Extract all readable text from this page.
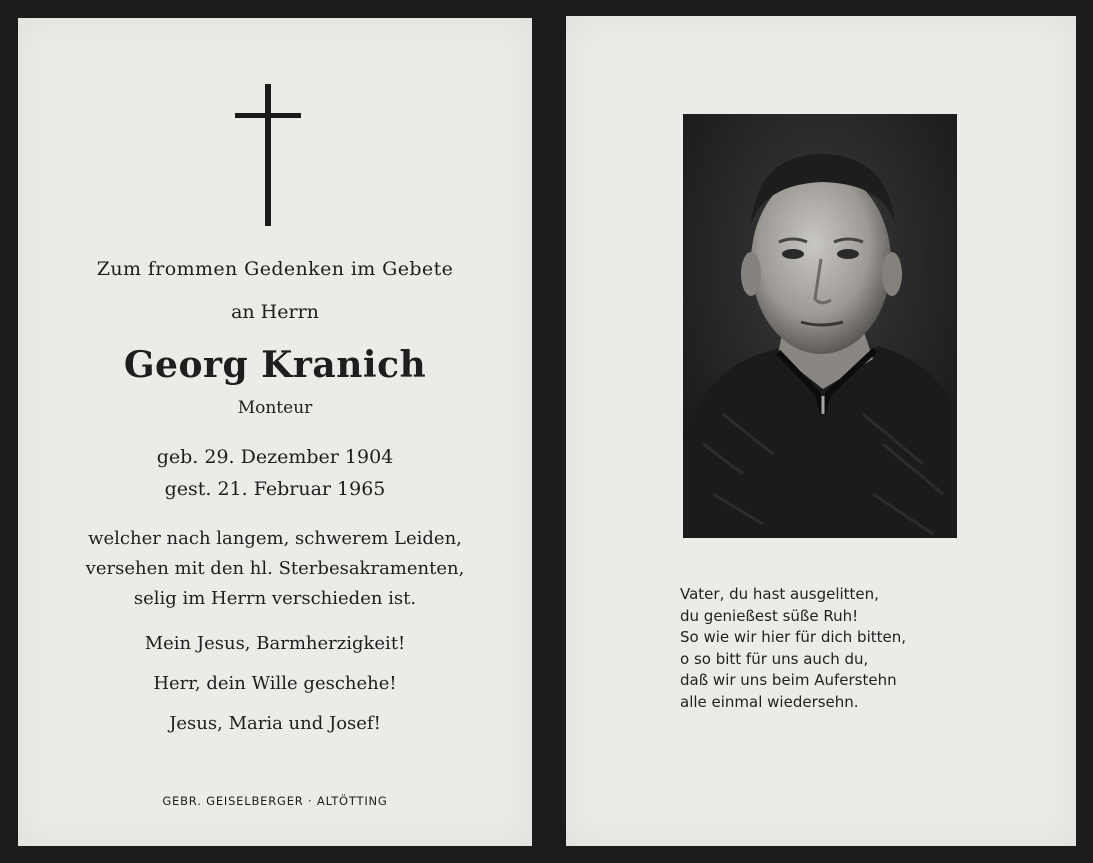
Zum frommen Gedenken im Gebete
an Herrn
Georg Kranich
Monteur
geb. 29. Dezember 1904
gest. 21. Februar 1965
welcher nach langem, schwerem Leiden,
versehen mit den hl. Sterbesakramenten,
selig im Herrn verschieden ist.
Mein Jesus, Barmherzigkeit!
Herr, dein Wille geschehe!
Jesus, Maria und Josef!
GEBR. GEISELBERGER · ALTÖTTING
Vater, du hast ausgelitten,
du genießest süße Ruh!
So wie wir hier für dich bitten,
o so bitt für uns auch du,
daß wir uns beim Auferstehn
alle einmal wiedersehn.
